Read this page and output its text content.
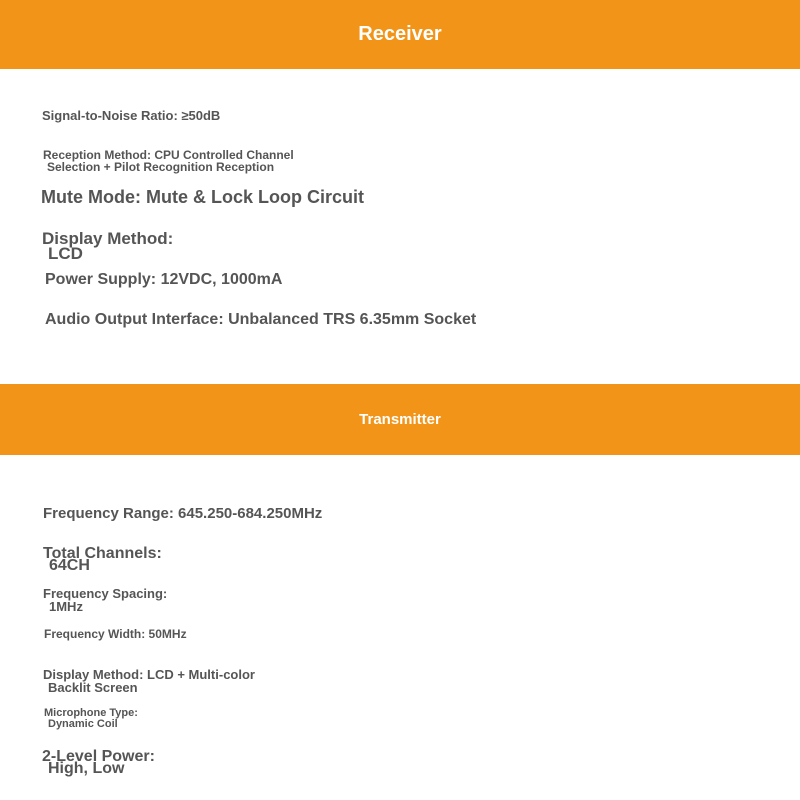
Receiver
Signal-to-Noise Ratio: ≥50dB
Reception Method: CPU Controlled Channel
Selection + Pilot Recognition Reception
Mute Mode: Mute & Lock Loop Circuit
Display Method:
LCD
Power Supply: 12VDC, 1000mA
Audio Output Interface: Unbalanced TRS 6.35mm Socket
Transmitter
Frequency Range: 645.250-684.250MHz
Total Channels:
64CH
Frequency Spacing:
1MHz
Frequency Width: 50MHz
Display Method: LCD + Multi-color
Backlit Screen
Microphone Type:
Dynamic Coil
2-Level Power:
High, Low
